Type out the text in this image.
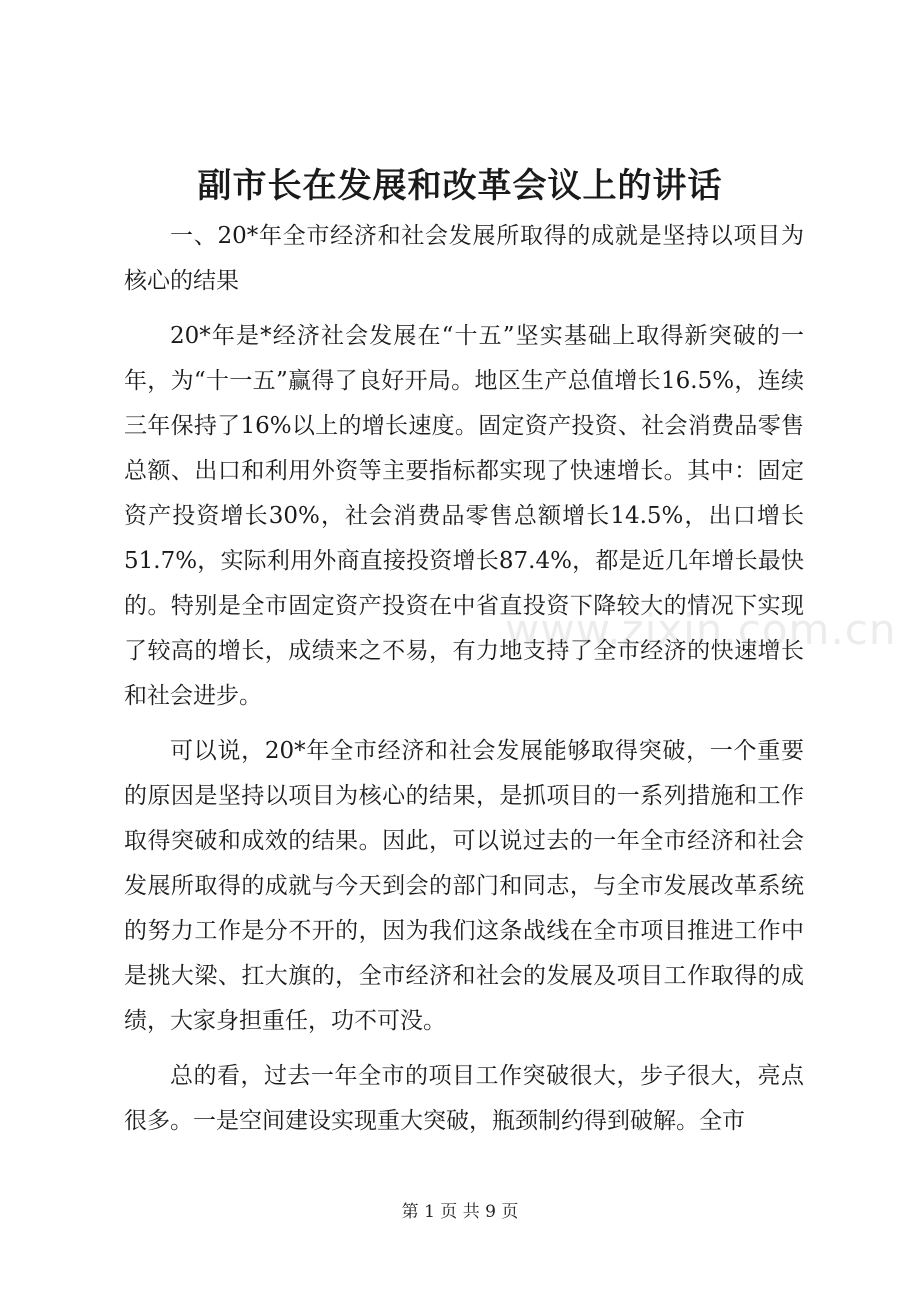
副市长在发展和改革会议上的讲话

一、20*年全市经济和社会发展所取得的成就是坚持以项目为核心的结果

20*年是*经济社会发展在“十五”坚实基础上取得新突破的一年，为“十一五”赢得了良好开局。地区生产总值增长16.5%，连续三年保持了16%以上的增长速度。固定资产投资、社会消费品零售总额、出口和利用外资等主要指标都实现了快速增长。其中：固定资产投资增长30%，社会消费品零售总额增长14.5%，出口增长51.7%，实际利用外商直接投资增长87.4%，都是近几年增长最快的。特别是全市固定资产投资在中省直投资下降较大的情况下实现了较高的增长，成绩来之不易，有力地支持了全市经济的快速增长和社会进步。

可以说，20*年全市经济和社会发展能够取得突破，一个重要的原因是坚持以项目为核心的结果，是抓项目的一系列措施和工作取得突破和成效的结果。因此，可以说过去的一年全市经济和社会发展所取得的成就与今天到会的部门和同志，与全市发展改革系统的努力工作是分不开的，因为我们这条战线在全市项目推进工作中是挑大梁、扛大旗的，全市经济和社会的发展及项目工作取得的成绩，大家身担重任，功不可没。

总的看，过去一年全市的项目工作突破很大，步子很大，亮点很多。一是空间建设实现重大突破，瓶颈制约得到破解。全市

www.zixin.com.cn
第 1 页 共 9 页
